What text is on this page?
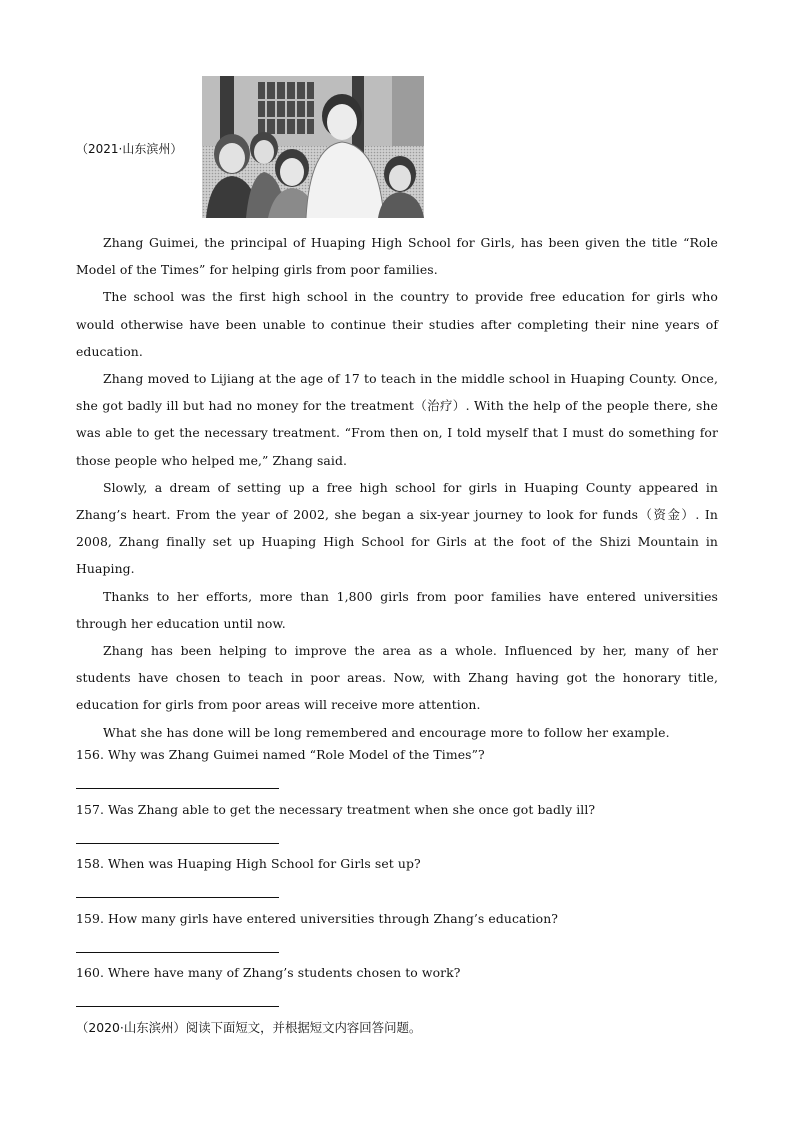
（2021·山东滨州）

Zhang Guimei, the principal of Huaping High School for Girls, has been given the title “Role Model of the Times” for helping girls from poor families.

The school was the first high school in the country to provide free education for girls who would otherwise have been unable to continue their studies after completing their nine years of education.

Zhang moved to Lijiang at the age of 17 to teach in the middle school in Huaping County. Once, she got badly ill but had no money for the treatment（治疗）. With the help of the people there, she was able to get the necessary treatment. “From then on, I told myself that I must do something for those people who helped me,” Zhang said.

Slowly, a dream of setting up a free high school for girls in Huaping County appeared in Zhang’s heart. From the year of 2002, she began a six-year journey to look for funds（资金）. In 2008, Zhang finally set up Huaping High School for Girls at the foot of the Shizi Mountain in Huaping.

Thanks to her efforts, more than 1,800 girls from poor families have entered universities through her education until now.

Zhang has been helping to improve the area as a whole. Influenced by her, many of her students have chosen to teach in poor areas. Now, with Zhang having got the honorary title, education for girls from poor areas will receive more attention.

What she has done will be long remembered and encourage more to follow her example.

156. Why was Zhang Guimei named “Role Model of the Times”?
157. Was Zhang able to get the necessary treatment when she once got badly ill?
158. When was Huaping High School for Girls set up?
159. How many girls have entered universities through Zhang’s education?
160. Where have many of Zhang’s students chosen to work?
（2020·山东滨州）阅读下面短文，并根据短文内容回答问题。
